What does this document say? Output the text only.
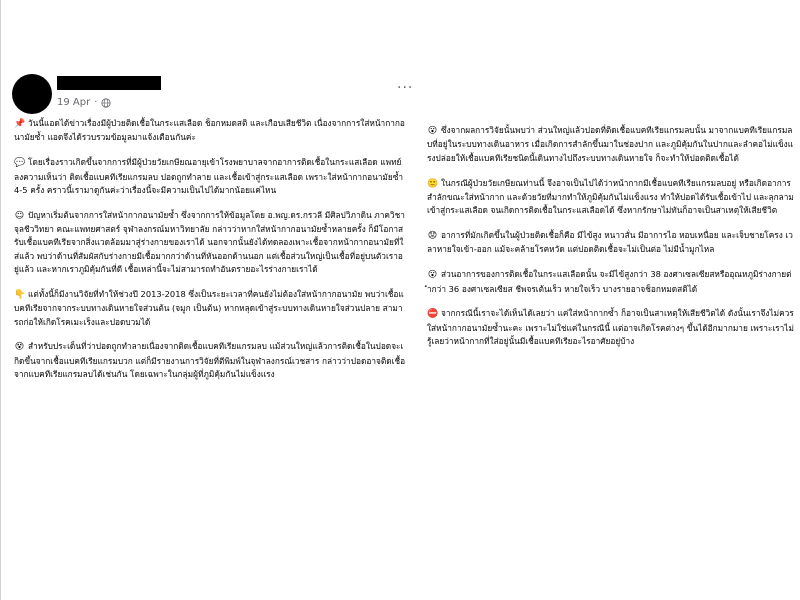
19 Apr ·
···
📌 วันนี้แอดได้ข่าวเรื่องมีผู้ป่วยติดเชื้อในกระแสเลือด ช็อกหมดสติ และเกือบเสียชีวิต เนื่องจากการใส่หน้ากากอนามัยซ้ำ แอดจึงได้รวบรวมข้อมูลมาแจ้งเตือนกันค่ะ
💬 โดยเรื่องราวเกิดขึ้นจากการที่มีผู้ป่วยวัยเกษียณอายุเข้าโรงพยาบาลจากอาการติดเชื้อในกระแสเลือด แพทย์ลงความเห็นว่า ติดเชื้อแบคทีเรียแกรมลบ ปอดถูกทำลาย และเชื้อเข้าสู่กระแสเลือด เพราะใส่หน้ากากอนามัยซ้ำ 4-5 ครั้ง คราวนี้เรามาดูกันค่ะว่าเรื่องนี้จะมีความเป็นไปได้มากน้อยแค่ไหน
☺ ปัญหาเริ่มต้นจากการใส่หน้ากากอนามัยซ้ำ ซึ่งจากการให้ข้อมูลโดย อ.พญ.ดร.กรวลี มีศิลปวิภาดิน ภาควิชาจุลชีววิทยา คณะแพทยศาสตร์ จุฬาลงกรณ์มหาวิทยาลัย กล่าวว่าหากใส่หน้ากากอนามัยซ้ำหลายครั้ง ก็มีโอกาสรับเชื้อแบคทีเรียจากสิ่งแวดล้อมมาสู่ร่างกายของเราได้ นอกจากนั้นยังได้ทดลองเพาะเชื้อจากหน้ากากอนามัยที่ใส่แล้ว พบว่าด้านที่สัมผัสกับร่างกายมีเชื้อมากกว่าด้านที่หันออกด้านนอก แต่เชื้อส่วนใหญ่เป็นเชื้อที่อยู่บนตัวเราอยู่แล้ว และหากเราภูมิคุ้มกันที่ดี เชื้อเหล่านี้จะไม่สามารถทำอันตรายอะไรร่างกายเราได้
👇 แต่ทั้งนี้ก็มีงานวิจัยที่ทำให้ช่วงปี 2013-2018 ซึ่งเป็นระยะเวลาที่คนยังไม่ต้องใส่หน้ากากอนามัย พบว่าเชื้อแบคทีเรียจากจากระบบทางเดินหายใจส่วนต้น (จมูก เป็นต้น) หากหลุดเข้าสู่ระบบทางเดินหายใจส่วนปลาย สามารถก่อให้เกิดโรคเมะเร็งและปอดบวมได้
😵 สำหรับประเด็นที่ว่าปอดถูกทำลายเนื่องจากติดเชื้อแบคทีเรียแกรมลบ แม้ส่วนใหญ่แล้วการติดเชื้อในปอดจะเกิดขึ้นจากเชื้อแบคทีเรียแกรมบวก แต่ก็มีรายงานการวิจัยที่ตีพิมพ์ในจุฬาลงกรณ์เวชสาร กล่าวว่าปอดอาจติดเชื้อจากแบคทีเรียแกรมลบได้เช่นกัน โดยเฉพาะในกลุ่มผู้ที่ภูมิคุ้มกันไม่แข็งแรง
😮 ซึ่งจากผลการวิจัยนั้นพบว่า ส่วนใหญ่แล้วปอดที่ติดเชื้อแบคทีเรียแกรมลบนั้น มาจากแบคทีเรียแกรมลบที่อยู่ในระบบทางเดินอาหาร เมื่อเกิดการสำลักขึ้นมาในช่องปาก และภูมิคุ้มกันในปากและลำคอไม่แข็งแรงปล่อยให้เชื้อแบคทีเรียชนิดนี้เดินทางไปถึงระบบทางเดินหายใจ ก็จะทำให้ปอดติดเชื้อได้
🙂 ในกรณีผู้ป่วยวัยเกษียณท่านนี้ จึงอาจเป็นไปได้ว่าหน้ากากมีเชื้อแบคทีเรียแกรมลบอยู่ หรือเกิดอาการสำลักขณะใส่หน้ากาก และด้วยวัยที่มากทำให้ภูมิคุ้มกันไม่แข็งแรง ทำให้ปอดได้รับเชื้อเข้าไป และลุกลามเข้าสู่กระแสเลือด จนเกิดการติดเชื้อในกระแสเลือดได้ ซึ่งหากรักษาไม่ทันก็อาจเป็นสาเหตุให้เสียชีวิต
😟 อาการที่มักเกิดขึ้นในผู้ป่วยติดเชื้อก็คือ มีไข้สูง หนาวสั่น มีอาการไอ หอบเหนื่อย และเจ็บชายโครง เวลาหายใจเข้า-ออก แม้จะคล้ายโรคหวัด แต่ปอดติดเชื้อจะไม่เป็นต่อ ไม่มีน้ำมูกไหล
😮 ส่วนอาการของการติดเชื้อในกระแสเลือดนั้น จะมีไข้สูงกว่า 38 องศาเซลเซียสหรืออุณหภูมิร่างกายต่ำกว่า 36 องศาเซลเซียส ชีพจรเต้นเร็ว หายใจเร็ว บางรายอาจช็อกหมดสติได้
⛔ จากกรณีนี้เราจะได้เห็นได้เลยว่า แค่ใส่หน้ากากซ้ำ ก็อาจเป็นสาเหตุให้เสียชีวิตได้ ดังนั้นเราจึงไม่ควรใส่หน้ากากอนามัยซ้ำนะคะ เพราะไม่ใช่แค่ในกรณีนี้ แต่อาจเกิดโรคต่างๆ ขึ้นได้อีกมากมาย เพราะเราไม่รู้เลยว่าหน้ากากที่ใส่อยู่นั้นมีเชื้อแบคทีเรียอะไรอาศัยอยู่บ้าง
